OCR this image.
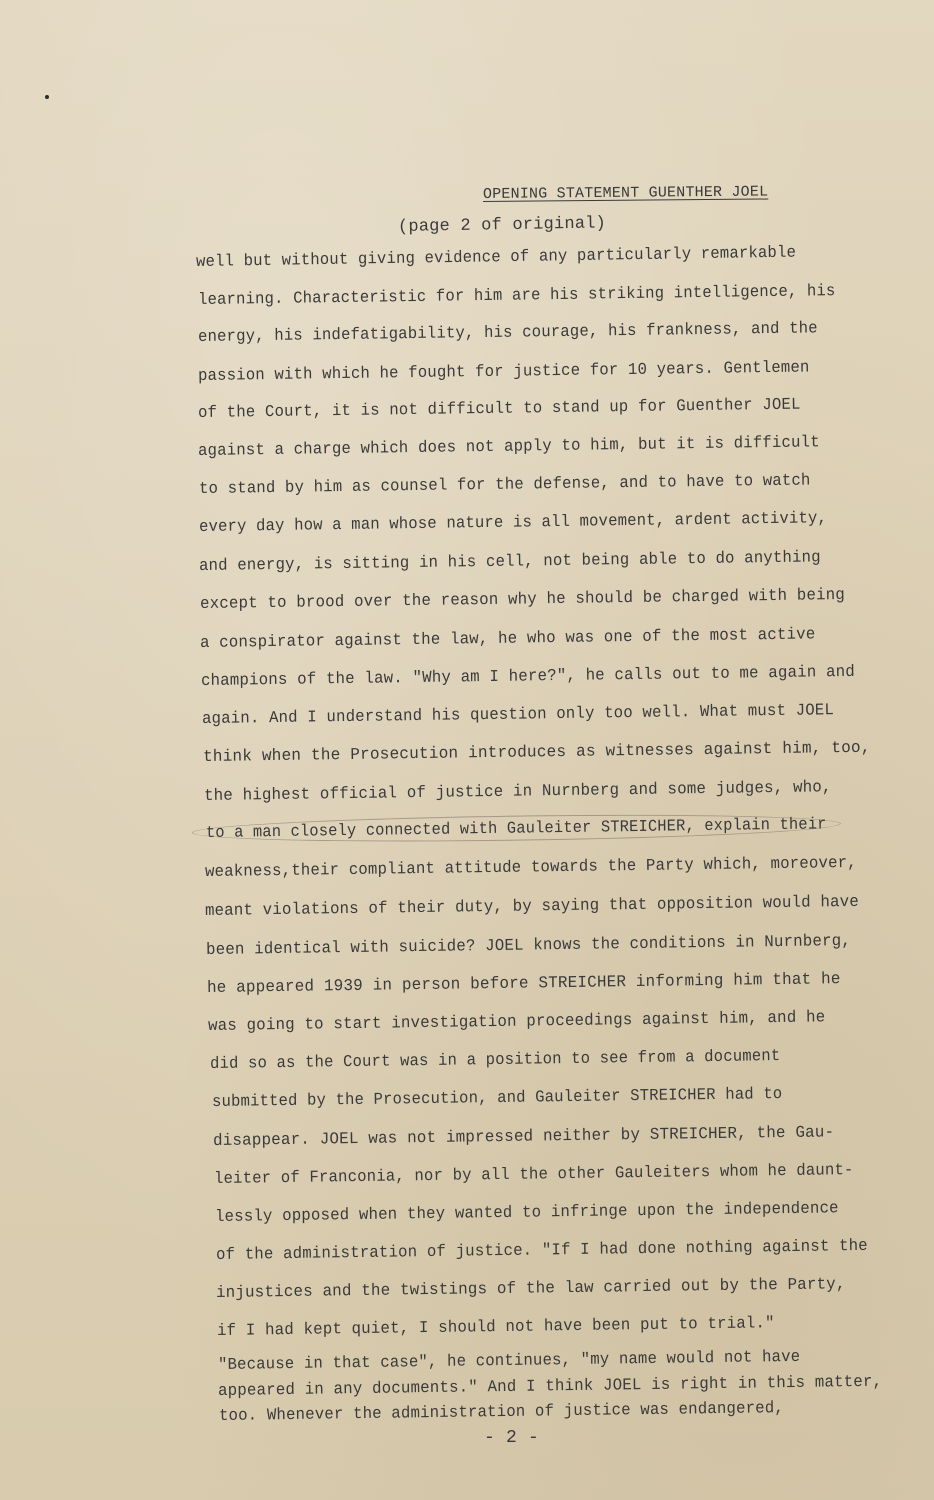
OPENING STATEMENT GUENTHER JOEL
(page 2 of original)
well but without giving evidence of any particularly remarkable
learning. Characteristic for him are his striking intelligence, his
energy, his indefatigability, his courage, his frankness, and the
passion with which he fought for justice for 10 years. Gentlemen
of the Court, it is not difficult to stand up for Guenther JOEL
against a charge which does not apply to him, but it is difficult
to stand by him as counsel for the defense, and to have to watch
every day how a man whose nature is all movement, ardent activity,
and energy, is sitting in his cell, not being able to do anything
except to brood over the reason why he should be charged with being
a conspirator against the law, he who was one of the most active
champions of the law. "Why am I here?", he calls out to me again and
again. And I understand his question only too well. What must JOEL
think when the Prosecution introduces as witnesses against him, too,
the highest official of justice in Nurnberg and some judges, who,
to a man closely connected with Gauleiter STREICHER, explain their
weakness,their compliant attitude towards the Party which, moreover,
meant violations of their duty, by saying that opposition would have
been identical with suicide? JOEL knows the conditions in Nurnberg,
he appeared 1939 in person before STREICHER informing him that he
was going to start investigation proceedings against him, and he
did so as the Court was in a position to see from a document
submitted by the Prosecution, and Gauleiter STREICHER had to
disappear. JOEL was not impressed neither by STREICHER, the Gau-
leiter of Franconia, nor by all the other Gauleiters whom he daunt-
lessly opposed when they wanted to infringe upon the independence
of the administration of justice. "If I had done nothing against the
injustices and the twistings of the law carried out by the Party,
if I had kept quiet, I should not have been put to trial."
"Because in that case", he continues, "my name would not have
appeared in any documents." And I think JOEL is right in this matter,
too. Whenever the administration of justice was endangered,
- 2 -
